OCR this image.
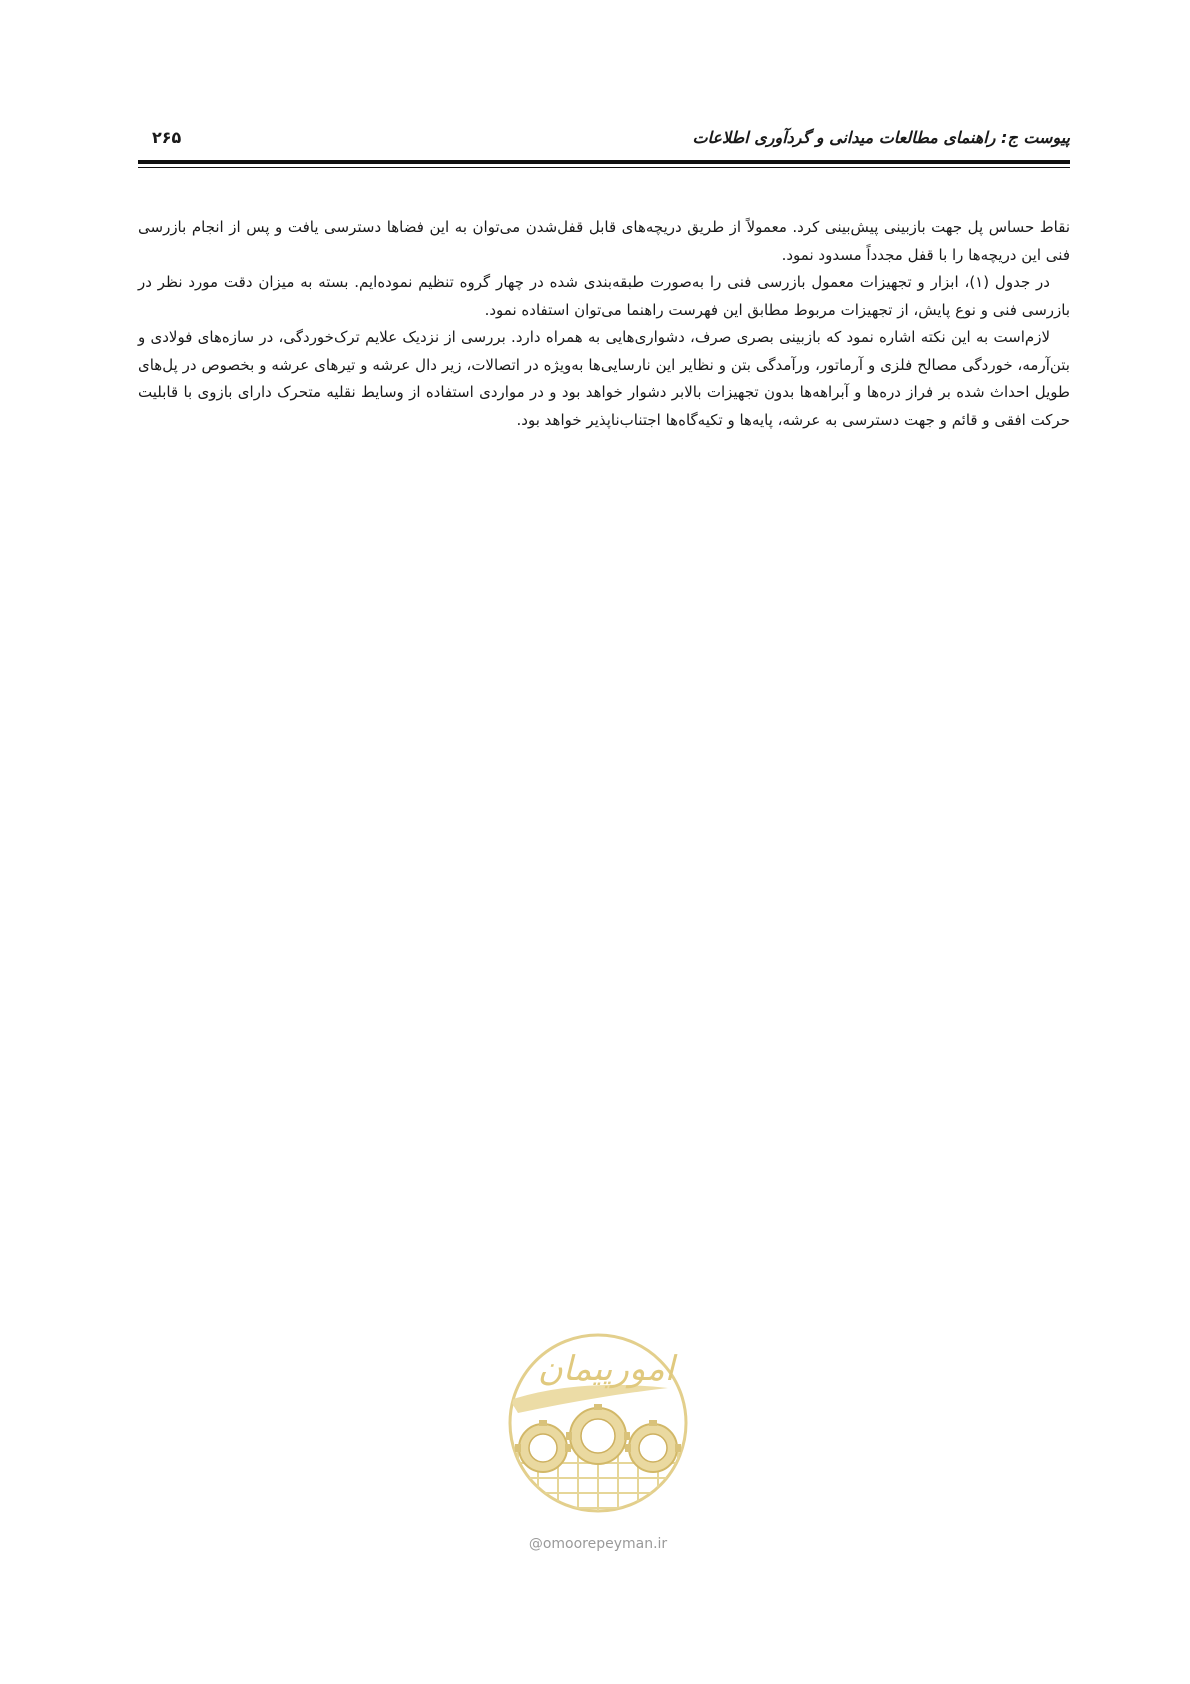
پیوست ج: راهنمای مطالعات میدانی و گردآوری اطلاعات
۲۶۵

نقاط حساس پل جهت بازبینی پیش‌بینی کرد. معمولاً از طریق دریچه‌های قابل قفل‌شدن می‌توان به این فضاها دسترسی یافت و پس از انجام بازرسی فنی این دریچه‌ها را با قفل مجدداً مسدود نمود.

در جدول (۱)، ابزار و تجهیزات معمول بازرسی فنی را به‌صورت طبقه‌بندی شده در چهار گروه تنظیم نموده‌ایم. بسته به میزان دقت مورد نظر در بازرسی فنی و نوع پایش، از تجهیزات مربوط مطابق این فهرست راهنما می‌توان استفاده نمود.

لازم‌است به این نکته اشاره نمود که بازبینی بصری صرف، دشواری‌هایی به همراه دارد. بررسی از نزدیک علایم ترک‌خوردگی، در سازه‌های فولادی و بتن‌آرمه، خوردگی مصالح فلزی و آرماتور، ورآمدگی بتن و نظایر این نارسایی‌ها به‌ویژه در اتصالات، زیر دال عرشه و تیرهای عرشه و بخصوص در پل‌های طویل احداث شده بر فراز دره‌ها و آبراهه‌ها بدون تجهیزات بالابر دشوار خواهد بود و در مواردی استفاده از وسایط نقلیه متحرک دارای بازوی با قابلیت حرکت افقی و قائم و جهت دسترسی به عرشه، پایه‌ها و تکیه‌گاه‌ها اجتناب‌ناپذیر خواهد بود.

امورپیمان
@omoorepeyman.ir
